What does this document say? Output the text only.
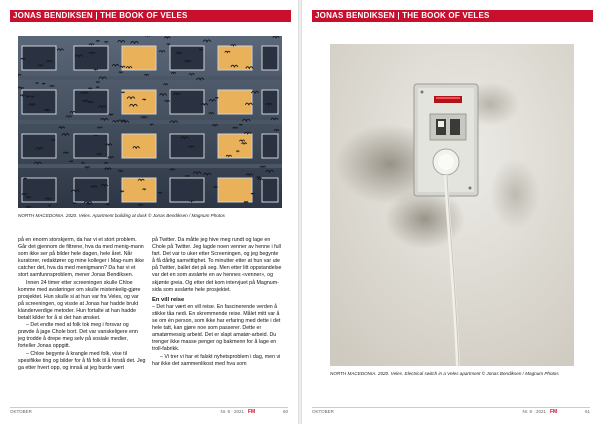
JONAS BENDIKSEN | THE BOOK OF VELES
NORTH MACEDONIA. 2020. Veles. Apartment building at dusk © Jonas Bendiksen / Magnum Photos

på en enorm storskjerm, da har vi et stort problem. Går det gjennom de filtrene, hva da med menig-mann som ikke ser på bilder hele dagen, hele året. Når kuratorer, redaktører og mine kolleger i Mag-num ikke catcher det, hva da med menigmann? Da har vi et stort samfunnsproblem, mener Jonas Bendiksen.

Innen 24 timer etter screeningen skulle Chloe komme med avsløringer om skulle mistenkelig-gjøre prosjektet. Hun skulle si at hun var fra Veles, og var på screeningen, og visste at Jonas har hadde brukt klanderverdige metoder. Hun fortalte at han hadde betalt kilder for å si det han ønsket.

– Det endte med at folk tok meg i forsvar og prøvde å jage Chole bort. Det var vanskeligere enn jeg trodde å drepe meg selv på sosiale medier, forteller Jonas oppgitt.

– Chloe begynte å krangle med folk, vise til spesifikke ting og bilder for å få folk til å forstå det. Jeg ga etter hvert opp, og innså at jeg burde vært

på Twitter. Da måtte jeg hive meg rundt og lage en Chole på Twitter. Jeg lagde noen venner av henne i full fart. Det var to uker etter Screeningen, og jeg begynte å få dårlig samvittighet. To minutter etter at hun var ute på Twitter, ballet det på seg. Men etter litt oppstandelse var det en som avslørte en av hennes «venner», og skjønte greia. Og etter det kom intervjuet på Magnum-sida som avslørte hele prosjektet.

En vill reise

– Det har vært en vill reise. En fascinerende verden å stikke tåa nedi. En skremmende reise. Målet mitt var å se om én person, som ikke har erfaring med dette i det hele tatt, kan gjøre noe som passerer. Dette er amatørmessig arbeid. Det er slapt amatør-arbeid. Du trenger ikke masse penger og bakmenn for å lage en troll-fabrikk.

– Vi trer vi har et falskt nyhetsproblem i dag, men vi har ikke det sammenlikost med hva som

OKTOBER	Nr. 8 · 2021 FM	60
JONAS BENDIKSEN | THE BOOK OF VELES
NORTH MACEDONIA. 2020. Veles. Electrical switch in a Veles apartment © Jonas Bendiksen / Magnum Photos
OKTOBER	Nr. 8 · 2021 FM	61
